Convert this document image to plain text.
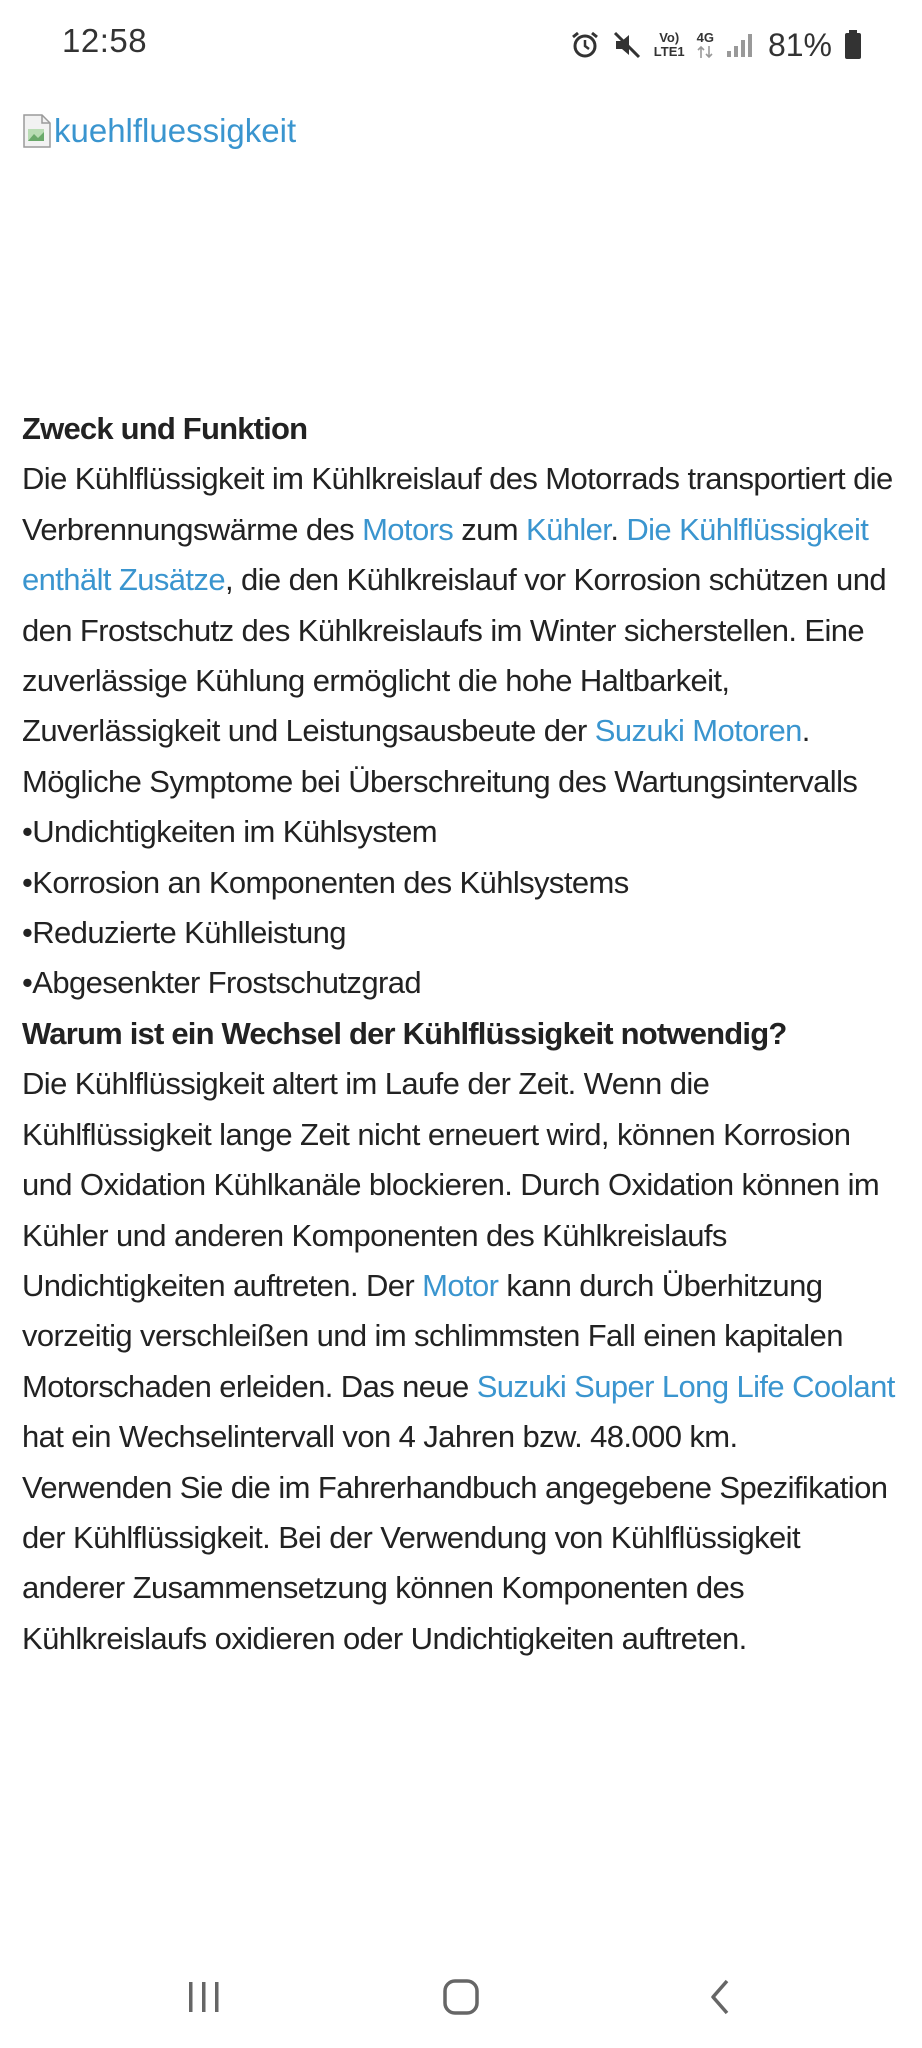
12:58	Vo)
LTE1
4G 81%
kuehlfluessigkeit

Zweck und Funktion

Die Kühlflüssigkeit im Kühlkreislauf des Motorrads transportiert die Verbrennungswärme des Motors zum Kühler. Die Kühlflüssigkeit enthält Zusätze, die den Kühlkreislauf vor Korrosion schützen und den Frostschutz des Kühlkreislaufs im Winter sicherstellen. Eine zuverlässige Kühlung ermöglicht die hohe Haltbarkeit, Zuverlässigkeit und Leistungsausbeute der Suzuki Motoren.

Mögliche Symptome bei Überschreitung des Wartungsintervalls

•Undichtigkeiten im Kühlsystem

•Korrosion an Komponenten des Kühlsystems

•Reduzierte Kühlleistung

•Abgesenkter Frostschutzgrad

Warum ist ein Wechsel der Kühlflüssigkeit notwendig?

Die Kühlflüssigkeit altert im Laufe der Zeit. Wenn die Kühlflüssigkeit lange Zeit nicht erneuert wird, können Korrosion und Oxidation Kühlkanäle blockieren. Durch Oxidation können im Kühler und anderen Komponenten des Kühlkreislaufs Undichtigkeiten auftreten. Der Motor kann durch Überhitzung vorzeitig verschleißen und im schlimmsten Fall einen kapitalen Motorschaden erleiden. Das neue Suzuki Super Long Life Coolant hat ein Wechselintervall von 4 Jahren bzw. 48.000 km.

Verwenden Sie die im Fahrerhandbuch angegebene Spezifikation der Kühlflüssigkeit. Bei der Verwendung von Kühlflüssigkeit anderer Zusammensetzung können Komponenten des Kühlkreislaufs oxidieren oder Undichtigkeiten auftreten.
